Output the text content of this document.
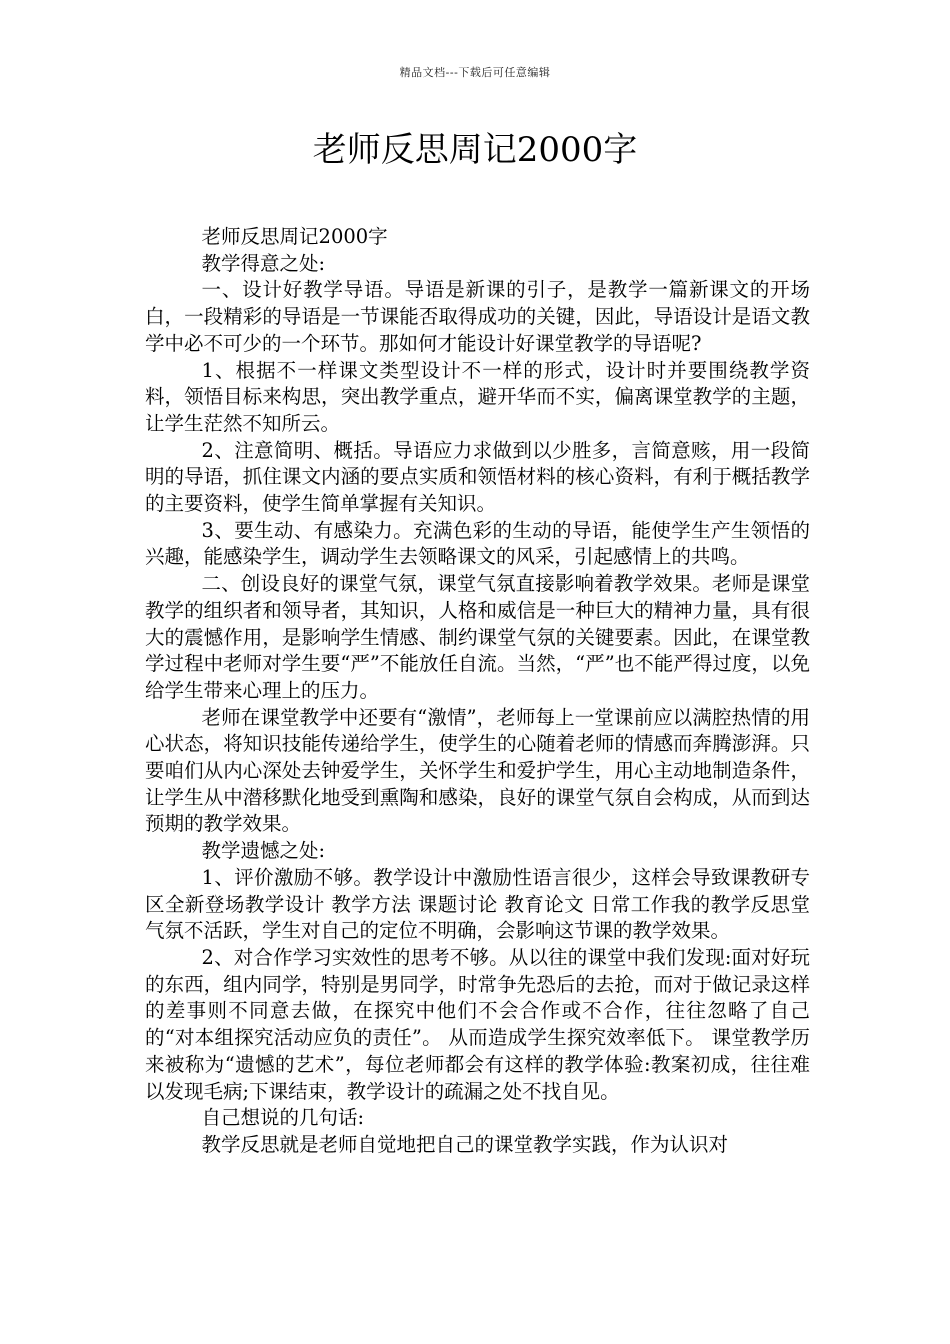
精品文档---下载后可任意编辑
老师反思周记2000字

老师反思周记2000字

教学得意之处:

一、设计好教学导语。导语是新课的引子，是教学一篇新课文的开场白，一段精彩的导语是一节课能否取得成功的关键，因此，导语设计是语文教学中必不可少的一个环节。那如何才能设计好课堂教学的导语呢?

1、根据不一样课文类型设计不一样的形式，设计时并要围绕教学资料，领悟目标来构思，突出教学重点，避开华而不实，偏离课堂教学的主题，让学生茫然不知所云。

2、注意简明、概括。导语应力求做到以少胜多，言简意赅，用一段简明的导语，抓住课文内涵的要点实质和领悟材料的核心资料，有利于概括教学的主要资料，使学生简单掌握有关知识。

3、要生动、有感染力。充满色彩的生动的导语，能使学生产生领悟的兴趣，能感染学生，调动学生去领略课文的风采，引起感情上的共鸣。

二、创设良好的课堂气氛，课堂气氛直接影响着教学效果。老师是课堂教学的组织者和领导者，其知识，人格和威信是一种巨大的精神力量，具有很大的震憾作用，是影响学生情感、制约课堂气氛的关键要素。因此，在课堂教学过程中老师对学生要“严”不能放任自流。当然，“严”也不能严得过度，以免给学生带来心理上的压力。

老师在课堂教学中还要有“激情”，老师每上一堂课前应以满腔热情的用心状态，将知识技能传递给学生，使学生的心随着老师的情感而奔腾澎湃。只要咱们从内心深处去钟爱学生，关怀学生和爱护学生，用心主动地制造条件，让学生从中潜移默化地受到熏陶和感染，良好的课堂气氛自会构成，从而到达预期的教学效果。

教学遗憾之处:

1、评价激励不够。教学设计中激励性语言很少，这样会导致课教研专区全新登场教学设计 教学方法 课题讨论 教育论文 日常工作我的教学反思堂气氛不活跃，学生对自己的定位不明确，会影响这节课的教学效果。

2、对合作学习实效性的思考不够。从以往的课堂中我们发现:面对好玩的东西，组内同学，特别是男同学，时常争先恐后的去抢，而对于做记录这样的差事则不同意去做，在探究中他们不会合作或不合作，往往忽略了自己的“对本组探究活动应负的责任”。 从而造成学生探究效率低下。 课堂教学历来被称为“遗憾的艺术”，每位老师都会有这样的教学体验:教案初成，往往难以发现毛病;下课结束，教学设计的疏漏之处不找自见。

自己想说的几句话:

教学反思就是老师自觉地把自己的课堂教学实践，作为认识对
